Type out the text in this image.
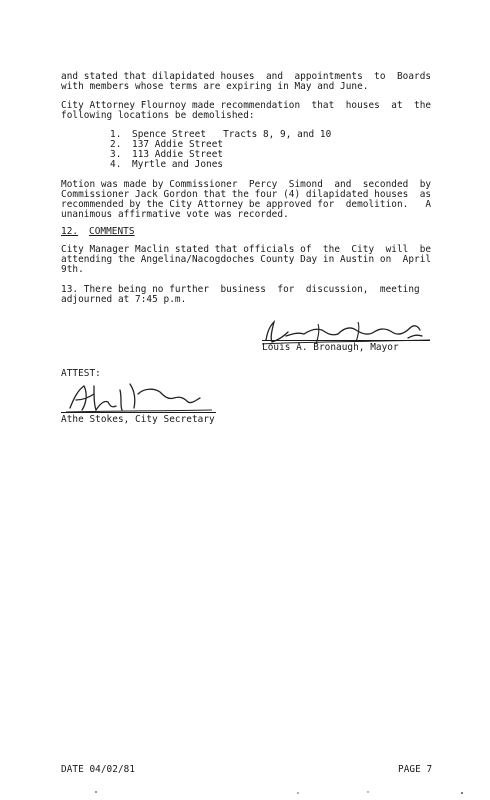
and stated that dilapidated houses  and  appointments  to  Boards
with members whose terms are expiring in May and June.
City Attorney Flournoy made recommendation  that  houses  at  the
following locations be demolished:
1. Spence Street   Tracts 8, 9, and 10
2. 137 Addie Street
3. 113 Addie Street
4. Myrtle and Jones
Motion was made by Commissioner  Percy  Simond  and  seconded  by
Commissioner Jack Gordon that the four (4) dilapidated houses  as
recommended by the City Attorney be approved for  demolition.   A
unanimous affirmative vote was recorded.
12. COMMENTS
City Manager Maclin stated that officials of  the  City  will  be
attending the Angelina/Nacogdoches County Day in Austin on  April
9th.
13. There being no further  business  for  discussion,  meeting
adjourned at 7:45 p.m.
Louis A. Bronaugh, Mayor
ATTEST:
Athe Stokes, City Secretary
DATE 04/02/81	PAGE 7
